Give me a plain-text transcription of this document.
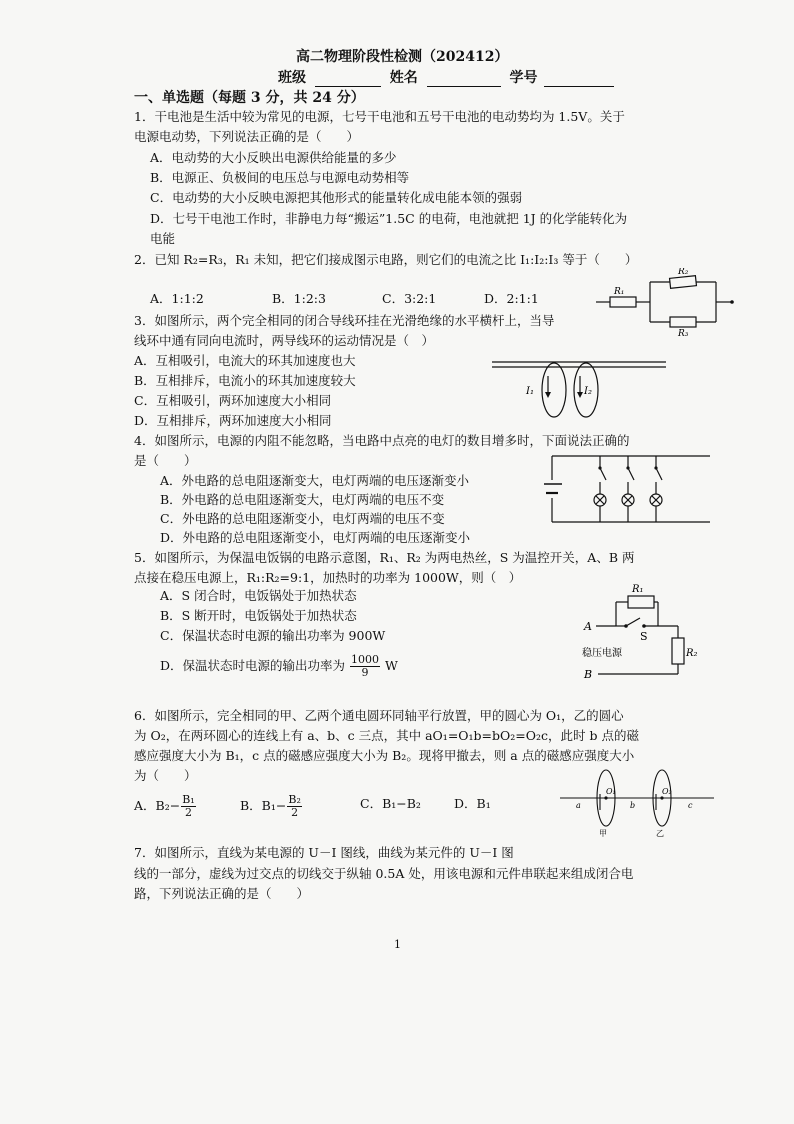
高二物理阶段性检测（202412）
班级	姓名	学号
一、单选题（每题 3 分，共 24 分）
1．干电池是生活中较为常见的电源，七号干电池和五号干电池的电动势均为 1.5V。关于
电源电动势，下列说法正确的是（　　）
A．电动势的大小反映出电源供给能量的多少
B．电源正、负极间的电压总与电源电动势相等
C．电动势的大小反映电源把其他形式的能量转化成电能本领的强弱
D．七号干电池工作时，非静电力每“搬运”1.5C 的电荷，电池就把 1J 的化学能转化为
电能
2．已知 R₂=R₃，R₁ 未知，把它们接成图示电路，则它们的电流之比 I₁:I₂:I₃ 等于（　　）
A．1:1:2	B．1:2:3	C．3:2:1	D．2:1:1	R₁
R₂
R₃
3．如图所示，两个完全相同的闭合导线环挂在光滑绝缘的水平横杆上，当导
线环中通有同向电流时，两导线环的运动情况是（　）
A．互相吸引，电流大的环其加速度也大
B．互相排斥，电流小的环其加速度较大
C．互相吸引，两环加速度大小相同
D．互相排斥，两环加速度大小相同
I₁	I₂
4．如图所示，电源的内阻不能忽略，当电路中点亮的电灯的数目增多时，下面说法正确的
是（　　）
A．外电路的总电阻逐渐变大，电灯两端的电压逐渐变小
B．外电路的总电阻逐渐变大，电灯两端的电压不变
C．外电路的总电阻逐渐变小，电灯两端的电压不变
D．外电路的总电阻逐渐变小，电灯两端的电压逐渐变小
5．如图所示，为保温电饭锅的电路示意图，R₁、R₂ 为两电热丝，S 为温控开关，A、B 两
点接在稳压电源上，R₁:R₂=9:1，加热时的功率为 1000W，则（　）
A．S 闭合时，电饭锅处于加热状态
B．S 断开时，电饭锅处于加热状态
C．保温状态时电源的输出功率为 900W
D．保温状态时电源的输出功率为 $\frac{1000}{9}$ W
R₁
R₂
S
A
B
稳压电源
6．如图所示，完全相同的甲、乙两个通电圆环同轴平行放置，甲的圆心为 O₁，乙的圆心
为 O₂，在两环圆心的连线上有 a、b、c 三点，其中 aO₁=O₁b=bO₂=O₂c，此时 b 点的磁
感应强度大小为 B₁，c 点的磁感应强度大小为 B₂。现将甲撤去，则 a 点的磁感应强度大小
为（　　）
A．$B_2- \frac{\text{B₁}}{2}$	B．$B_1- \frac{\text{B₂}}{2}$	C．B₁−B₂	D．B₁	a	b	c
O₁	O₂
甲	乙
7．如图所示，直线为某电源的 U－I 图线，曲线为某元件的 U－I 图
线的一部分，虚线为过交点的切线交于纵轴 0.5A 处，用该电源和元件串联起来组成闭合电
路，下列说法正确的是（　　）
1
